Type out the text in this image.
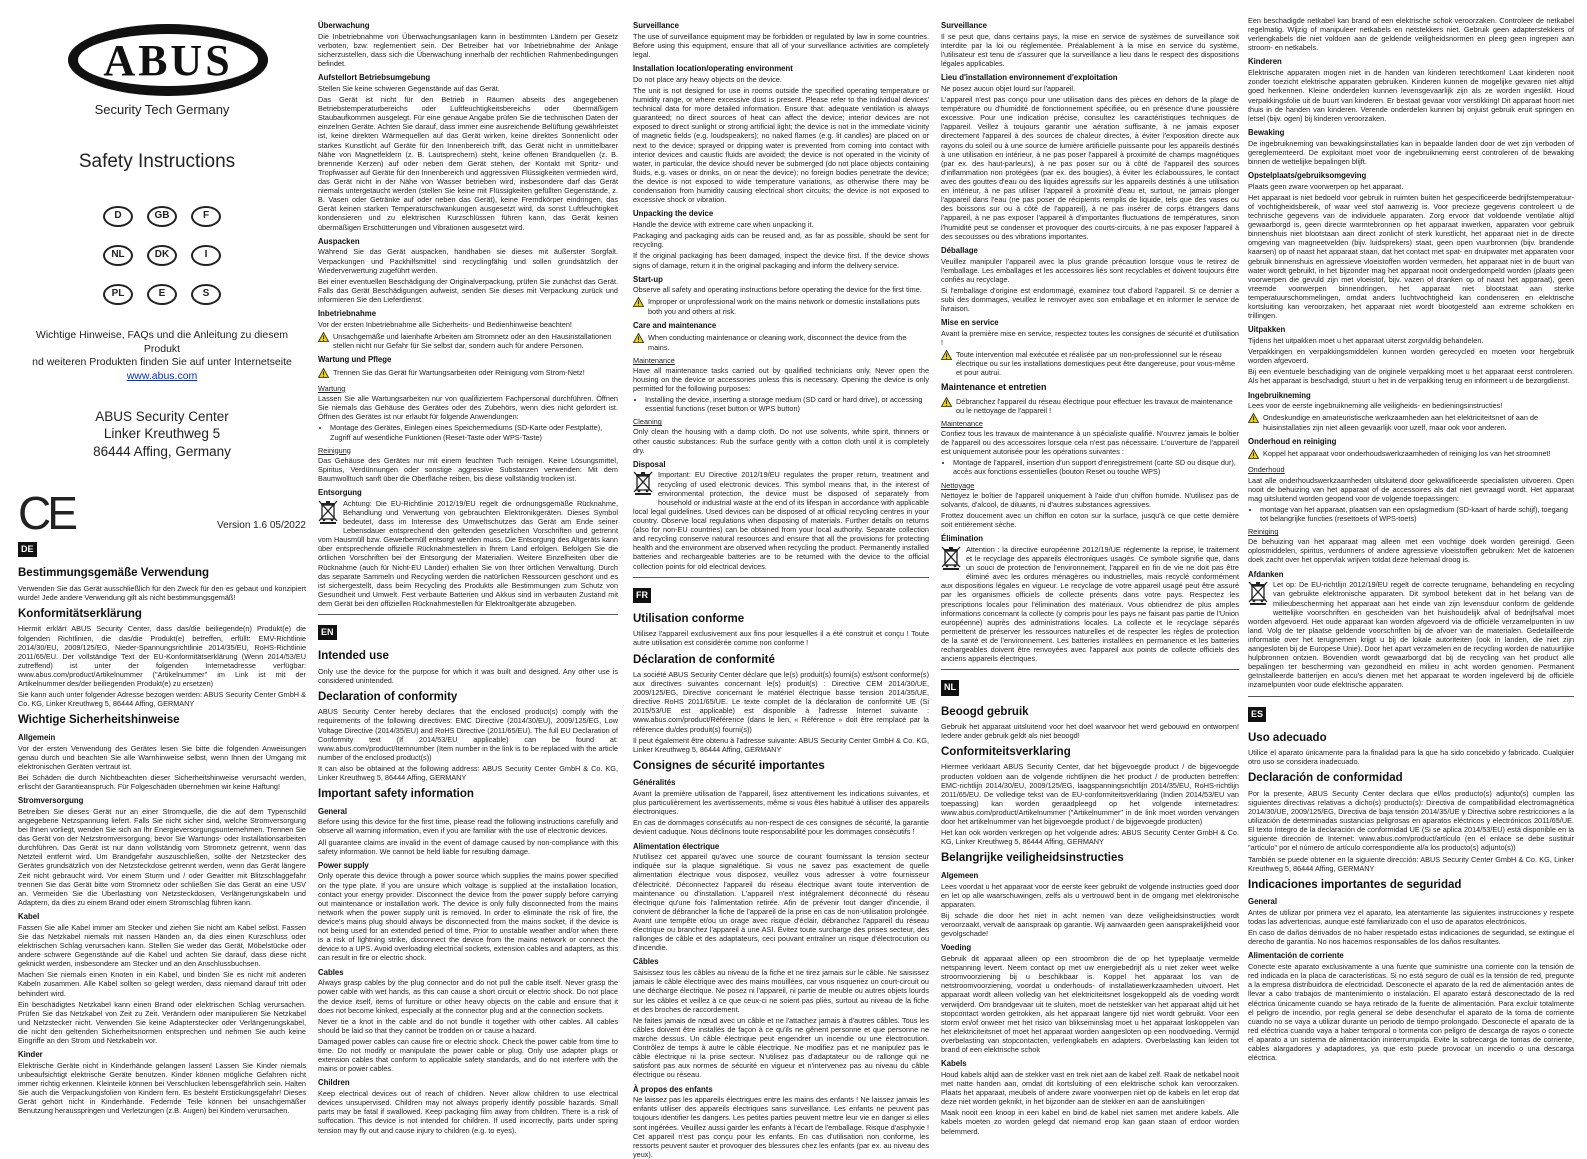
ABUS
Security Tech Germany
Safety Instructions
D	GB	F
NL	DK	I
PL	E	S
Wichtige Hinweise, FAQs und die Anleitung zu diesem Produkt
nd weiteren Produkten finden Sie auf unter Internetseite
www.abus.com
ABUS Security Center
Linker Kreuthweg 5
86444 Affing, Germany
CE	Version 1.6 05/2022
DE
Bestimmungsgemäße Verwendung

Verwenden Sie das Gerät ausschließlich für den Zweck für den es gebaut und konzipiert wurde! Jede andere Verwendung gilt als nicht bestimmungsgemäß!

Konformitätserklärung

Hiermit erklärt ABUS Security Center, dass das/die beiliegende(n) Produkt(e) die folgenden Richtlinien, die das/die Produkt(e) betreffen, erfüllt: EMV-Richtlinie 2014/30/EU, 2009/125/EG, Nieder-Spannungsrichtlinie 2014/35/EU, RoHS-Richtlinie 2011/65/EU. Der vollständige Text der EU-Konformitätserklärung (Wenn 2014/53/EU zutreffend) ist unter der folgenden Internetadresse verfügbar: www.abus.com/product/Artikelnummer ("Artikelnummer" im Link ist mit der Artikelnummer des/der beiliegenden Produkt(e) zu ersetzen)

Sie kann auch unter folgender Adresse bezogen werden: ABUS Security Center GmbH & Co. KG, Linker Kreuthweg 5, 86444 Affing, GERMANY

Wichtige Sicherheitshinweise
Allgemein

Vor der ersten Verwendung des Gerätes lesen Sie bitte die folgenden Anweisungen genau durch und beachten Sie alle Warnhinweise selbst, wenn Ihnen der Umgang mit elektronischen Geräten vertraut ist.

Bei Schäden die durch Nichtbeachten dieser Sicherheitshinweise verursacht werden, erlischt der Garantieanspruch. Für Folgeschäden übernehmen wir keine Haftung!

Stromversorgung

Betreiben Sie dieses Gerät nur an einer Stromquelle, die die auf dem Typenschild angegebene Netzspannung liefert. Falls Sie nicht sicher sind, welche Stromversorgung bei Ihnen vorliegt, wenden Sie sich an Ihr Energieversorgungsunternehmen. Trennen Sie das Gerät von der Netzstromversorgung, bevor Sie Wartungs- oder Installationsarbeiten durchführen. Das Gerät ist nur dann vollständig vom Stromnetz getrennt, wenn das Netzteil entfernt wird. Um Brandgefahr auszuschließen, sollte der Netzstecker des Gerätes grundsätzlich von der Netzsteckdose getrennt werden, wenn das Gerät längere Zeit nicht gebraucht wird. Vor einem Sturm und / oder Gewitter mit Blitzschlaggefahr trennen Sie das Gerät bitte vom Stromnetz oder schließen Sie das Gerät an eine USV an. Vermeiden Sie die Überlastung von Netzsteckdosen, Verlängerungskabeln und Adaptern, da dies zu einem Brand oder einem Stromschlag führen kann.

Kabel

Fassen Sie alle Kabel immer am Stecker und ziehen Sie nicht am Kabel selbst. Fassen Sie das Netzkabel niemals mit nassen Händen an, da dies einen Kurzschluss oder elektrischen Schlag verursachen kann. Stellen Sie weder das Gerät, Möbelstücke oder andere schwere Gegenstände auf die Kabel und achten Sie darauf, dass diese nicht geknickt werden, insbesondere am Stecker und an den Anschlussbuchsen.

Machen Sie niemals einen Knoten in ein Kabel, und binden Sie es nicht mit anderen Kabeln zusammen. Alle Kabel sollten so gelegt werden, dass niemand darauf tritt oder behindert wird.

Ein beschädigtes Netzkabel kann einen Brand oder elektrischen Schlag verursachen. Prüfen Sie das Netzkabel von Zeit zu Zeit. Verändern oder manipulieren Sie Netzkabel und Netzstecker nicht. Verwenden Sie keine Adapterstecker oder Verlängerungskabel, die nicht den geltenden Sicherheitsnormen entsprechen und nehmen Sie auch keine Eingriffe an den Strom und Netzkabeln vor.

Kinder

Elektrische Geräte nicht in Kinderhände gelangen lassen! Lassen Sie Kinder niemals unbeaufsichtigt elektrische Geräte benutzen. Kinder können mögliche Gefahren nicht immer richtig erkennen. Kleinteile können bei Verschlucken lebensgefährlich sein. Halten Sie auch die Verpackungsfolien von Kindern fern. Es besteht Erstickungsgefahr! Dieses Gerät gehört nicht in Kinderhände. Federnde Teile können bei unsachgemäßer Benutzung herausspringen und Verletzungen (z.B. Augen) bei Kindern verursachen.

Überwachung

Die Inbetriebnahme von Überwachungsanlagen kann in bestimmten Ländern per Gesetz verboten, bzw. reglementiert sein. Der Betreiber hat vor Inbetriebnahme der Anlage sicherzustellen, dass sich die Überwachung innerhalb der rechtlichen Rahmenbedingungen befindet.

Aufstellort Betriebsumgebung

Stellen Sie keine schweren Gegenstände auf das Gerät.

Das Gerät ist nicht für den Betrieb in Räumen abseits des angegebenen Betriebstemperaturbereichs oder Luftfeuchtigkeitsbereichs oder übermäßigem Staubaufkommen ausgelegt. Für eine genaue Angabe prüfen Sie die technischen Daten der einzelnen Geräte. Achten Sie darauf, dass immer eine ausreichende Belüftung gewährleistet ist, keine direkten Wärmequellen auf das Gerät wirken, keine direktes Sonnenlicht oder starkes Kunstlicht auf Geräte für den Innenbereich trifft, das Gerät nicht in unmittelbarer Nähe von Magnetfeldern (z. B. Lautsprechern) steht, keine offenen Brandquellen (z. B. brennende Kerzen) auf oder neben dem Gerät stehen, der Kontakt mit Spritz- und Tropfwasser auf Geräte für den Innenbereich und aggressiven Flüssigkeiten vermieden wird, das Gerät nicht in der Nähe von Wasser betrieben wird, insbesondere darf das Gerät niemals untergetaucht werden (stellen Sie keine mit Flüssigkeiten gefüllten Gegenstände, z. B. Vasen oder Getränke auf oder neben das Gerät), keine Fremdkörper eindringen, das Gerät keinen starken Temperaturschwankungen ausgesetzt wird, da sonst Luftfeuchtigkeit kondensieren und zu elektrischen Kurzschlüssen führen kann, das Gerät keinen übermäßigen Erschütterungen und Vibrationen ausgesetzt wird.

Auspacken

Während Sie das Gerät auspacken, handhaben sie dieses mit äußerster Sorgfalt. Verpackungen und Packhilfsmittel sind recyclingfähig und sollen grundsätzlich der Wiederverwertung zugeführt werden.

Bei einer eventuellen Beschädigung der Originalverpackung, prüfen Sie zunächst das Gerät. Falls das Gerät Beschädigungen aufweist, senden Sie dieses mit Verpackung zurück und informieren Sie den Lieferdienst.

Inbetriebnahme

Vor der ersten Inbetriebnahme alle Sicherheits- und Bedienhinweise beachten!

Unsachgemäße und laienhafte Arbeiten am Stromnetz oder an den Hausinstallationen stellen nicht nur Gefahr für Sie selbst dar, sondern auch für andere Personen.
Wartung und Pflege
Trennen Sie das Gerät für Wartungsarbeiten oder Reinigung vom Strom-Netz!
Wartung

Lassen Sie alle Wartungsarbeiten nur von qualifiziertem Fachpersonal durchführen. Öffnen Sie niemals das Gehäuse des Gerätes oder des Zubehörs, wenn dies nicht gefordert ist. Öffnen des Gerätes ist nur erlaubt für folgende Anwendungen:

• Montage des Gerätes, Einlegen eines Speichermediums (SD-Karte oder Festplatte), Zugriff auf wesentliche Funktionen (Reset-Taste oder WPS-Taste)
Reinigung

Das Gehäuse des Gerätes nur mit einem feuchten Tuch reinigen. Keine Lösungsmittel, Spiritus, Verdünnungen oder sonstige aggressive Substanzen verwenden: Mit dem Baumwolltuch sanft über die Oberfläche reiben, bis diese vollständig trocken ist.

Entsorgung

Achtung: Die EU-Richtlinie 2012/19/EU regelt die ordnungsgemäße Rücknahme, Behandlung und Verwertung von gebrauchten Elektronikgeräten. Dieses Symbol bedeutet, dass im Interesse des Umweltschutzes das Gerät am Ende seiner Lebensdauer entsprechend den geltenden gesetzlichen Vorschriften und getrennt vom Hausmüll bzw. Gewerbemüll entsorgt werden muss. Die Entsorgung des Altgeräts kann über entsprechende offizielle Rücknahmestellen in Ihrem Land erfolgen. Befolgen Sie die örtlichen Vorschriften bei der Entsorgung der Materialien. Weitere Einzelheiten über die Rücknahme (auch für Nicht-EU Länder) erhalten Sie von Ihrer örtlichen Verwaltung. Durch das separate Sammeln und Recycling werden die natürlichen Ressourcen geschont und es ist sichergestellt, dass beim Recycling des Produkts alle Bestimmungen zum Schutz von Gesundheit und Umwelt. Fest verbaute Batterien und Akkus sind im verbauten Zustand mit dem Gerät bei den offiziellen Rücknahmestellen für Elektroaltgeräte abzugeben.

EN
Intended use

Only use the device for the purpose for which it was built and designed. Any other use is considered unintended.

Declaration of conformity

ABUS Security Center hereby declares that the enclosed product(s) comply with the requirements of the following directives: EMC Directive (2014/30/EU), 2009/125/EG, Low Voltage Directive (2014/35/EU) and RoHS Directive (2011/65/EU). The full EU Declaration of Conformity text (If 2014/53/EU applicable) can be found at: www.abus.com/product/Itemnumber (Item number in the link is to be replaced with the article number of the enclosed product(s))

It can also be obtained at the following address: ABUS Security Center GmbH & Co. KG, Linker Kreuthweg 5, 86444 Affing, GERMANY

Important safety information
General

Before using this device for the first time, please read the following instructions carefully and observe all warning information, even if you are familiar with the use of electronic devices.

All guarantee claims are invalid in the event of damage caused by non-compliance with this safety information. We cannot be held liable for resulting damage.

Power supply

Only operate this device through a power source which supplies the mains power specified on the type plate. If you are unsure which voltage is supplied at the installation location, contact your energy provider. Disconnect the device from the power supply before carrying out maintenance or installation work. The device is only fully disconnected from the mains network when the power supply unit is removed. In order to eliminate the risk of fire, the device's mains plug should always be disconnected from the mains socket, if the device is not being used for an extended period of time. Prior to unstable weather and/or when there is a risk of lightning strike, disconnect the device from the mains network or connect the device to a UPS. Avoid overloading electrical sockets, extension cables and adapters, as this can result in fire or electric shock.

Cables

Always grasp cables by the plug connector and do not pull the cable itself. Never grasp the power cable with wet hands, as this can cause a short circuit or electric shock. Do not place the device itself, items of furniture or other heavy objects on the cable and ensure that it does not become kinked, especially at the connector plug and at the connection sockets.

Never tie a knot in the cable and do not bundle it together with other cables. All cables should be laid so that they cannot be trodden on or cause a hazard.

Damaged power cables can cause fire or electric shock. Check the power cable from time to time. Do not modify or manipulate the power cable or plug. Only use adapter plugs or extension cables that conform to applicable safety standards, and do not interfere with the mains or power cables.

Children

Keep electrical devices out of reach of children. Never allow children to use electrical devices unsupervised. Children may not always properly identify possible hazards. Small parts may be fatal if swallowed. Keep packaging film away from children. There is a risk of suffocation. This device is not intended for children. If used incorrectly, parts under spring tension may fly out and cause injury to children (e.g. to eyes).

Surveillance

The use of surveillance equipment may be forbidden or regulated by law in some countries. Before using this equipment, ensure that all of your surveillance activities are completely legal.

Installation location/operating environment

Do not place any heavy objects on the device.

The unit is not designed for use in rooms outside the specified operating temperature or humidity range, or where excessive dust is present. Please refer to the individual devices' technical data for more detailed information. Ensure that: adequate ventilation is always guaranteed; no direct sources of heat can affect the device; interior devices are not exposed to direct sunlight or strong artificial light; the device is not in the immediate vicinity of magnetic fields (e.g. loudspeakers); no naked flames (e.g. lit candles) are placed on or next to the device; sprayed or dripping water is prevented from coming into contact with interior devices and caustic fluids are avoided; the device is not operated in the vicinity of water, in particular, the device should never be submerged (do not place objects containing fluids, e.g. vases or drinks, on or near the device); no foreign bodies penetrate the device; the device is not exposed to wide temperature variations, as otherwise there may be condensation from humidity causing electrical short circuits; the device is not exposed to excessive shock or vibration.

Unpacking the device

Handle the device with extreme care when unpacking it.

Packaging and packaging aids can be reused and, as far as possible, should be sent for recycling.

If the original packaging has been damaged, inspect the device first. If the device shows signs of damage, return it in the original packaging and inform the delivery service.

Start-up

Observe all safety and operating instructions before operating the device for the first time.

Improper or unprofessional work on the mains network or domestic installations puts both you and others at risk.
Care and maintenance
When conducting maintenance or cleaning work, disconnect the device from the mains.
Maintenance

Have all maintenance tasks carried out by qualified technicians only. Never open the housing on the device or accessories unless this is necessary. Opening the device is only permitted for the following purposes:

• Installing the device, inserting a storage medium (SD card or hard drive), or accessing essential functions (reset button or WPS button)
Cleaning

Only clean the housing with a damp cloth. Do not use solvents, white spirit, thinners or other caustic substances: Rub the surface gently with a cotton cloth until it is completely dry.

Disposal

Important: EU Directive 2012/19/EU regulates the proper return, treatment and recycling of used electronic devices. This symbol means that, in the interest of environmental protection, the device must be disposed of separately from household or industrial waste at the end of its lifespan in accordance with applicable local legal guidelines. Used devices can be disposed of at official recycling centres in your country. Observe local regulations when disposing of materials. Further details on returns (also for non-EU countries) can be obtained from your local authority. Separate collection and recycling conserve natural resources and ensure that all the provisions for protecting health and the environment are observed when recycling the product. Permanently installed batteries and rechargeable batteries are to be returned with the device to the official collection points for old electrical devices.

FR
Utilisation conforme

Utilisez l'appareil exclusivement aux fins pour lesquelles il a été construit et conçu ! Toute autre utilisation est considérée comme non conforme !

Déclaration de conformité

La société ABUS Security Center déclare que le(s) produit(s) fourni(s) est/sont conforme(s) aux directives suivantes concernant le(s) produit(s) : Directive CEM 2014/30/UE, 2009/125/EG, Directive concernant le matériel électrique basse tension 2014/35/UE, directive RoHS 2011/65/UE. Le texte complet de la déclaration de conformité UE (Si 2015/53/UE est applicable) est disponible à l'adresse Internet suivante : www.abus.com/product/Référence (dans le lien, « Référence » doit être remplacé par la référence du/des produit(s) fourni(s))

Il peut également être obtenu à l'adresse suivante: ABUS Security Center GmbH & Co. KG, Linker Kreuthweg 5, 86444 Affing, GERMANY

Consignes de sécurité importantes
Généralités

Avant la première utilisation de l'appareil, lisez attentivement les indications suivantes, et plus particulièrement les avertissements, même si vous êtes habitué à utiliser des appareils électroniques.

En cas de dommages consécutifs au non-respect de ces consignes de sécurité, la garantie devient caduque. Nous déclinons toute responsabilité pour les dommages consécutifs !

Alimentation électrique

N'utilisez cet appareil qu'avec une source de courant fournissant la tension secteur indiquée sur la plaque signalétique. Si vous ne savez pas exactement de quelle alimentation électrique vous disposez, veuillez vous adresser à votre fournisseur d'électricité. Déconnectez l'appareil du réseau électrique avant toute intervention de maintenance ou d'installation. L'appareil n'est intégralement déconnecté du réseau électrique qu'une fois l'alimentation retirée. Afin de prévenir tout danger d'incendie, il convient de débrancher la fiche de l'appareil de la prise en cas de non-utilisation prolongée. Avant une tempête et/ou un orage avec risque d'éclair, débranchez l'appareil du réseau électrique ou branchez l'appareil à une ASI. Évitez toute surcharge des prises secteur, des rallonges de câble et des adaptateurs, ceci pouvant entraîner un risque d'électrocution ou d'incendie.

Câbles

Saisissez tous les câbles au niveau de la fiche et ne tirez jamais sur le câble. Ne saisissez jamais le câble électrique avec des mains mouillées, car vous risqueriez un court-circuit ou une décharge électrique. Ne posez ni l'appareil, ni partie de meuble ou autres objets lourds sur les câbles et veillez à ce que ceux-ci ne soient pas pliés, surtout au niveau de la fiche et des broches de raccordement.

Ne faites jamais de nœud avec un câble et ne l'attachez jamais à d'autres câbles. Tous les câbles doivent être installés de façon à ce qu'ils ne gênent personne et que personne ne marche dessus. Un câble électrique peut engendrer un incendie ou une électrocution. Contrôlez de temps à autre le câble électrique. Ne modifiez pas et ne manipulez pas le câble électrique ni la prise secteur. N'utilisez pas d'adaptateur ou de rallonge qui ne satisfont pas aux normes de sécurité en vigueur et n'intervenez pas au niveau du câble électrique ou réseau.

À propos des enfants

Ne laissez pas les appareils électriques entre les mains des enfants ! Ne laissez jamais les enfants utiliser des appareils électriques sans surveillance. Les enfants ne peuvent pas toujours identifier les dangers. Les petites parties peuvent mettre leur vie en danger si elles sont ingérées. Veuillez aussi garder les enfants à l'écart de l'emballage. Risque d'asphyxie ! Cet appareil n'est pas conçu pour les enfants. En cas d'utilisation non conforme, les ressorts peuvent sauter et provoquer des blessures chez les enfants (par ex. au niveau des yeux).

Surveillance

Il se peut que, dans certains pays, la mise en service de systèmes de surveillance soit interdite par la loi ou réglementée. Préalablement à la mise en service du système, l'utilisateur est tenu de s'assurer que la surveillance a lieu dans le respect des dispositions légales applicables.

Lieu d'installation environnement d'exploitation

Ne posez aucun objet lourd sur l'appareil.

L'appareil n'est pas conçu pour une utilisation dans des pièces en dehors de la plage de température ou d'humidité de fonctionnement spécifiée, ou en présence d'une poussière excessive. Pour une indication précise, consultez les caractéristiques techniques de l'appareil. Veillez à toujours garantir une aération suffisante, à ne jamais exposer directement l'appareil à des sources de chaleur directes, à éviter l'exposition directe aux rayons du soleil ou à une source de lumière artificielle puissante pour les appareils destinés à une utilisation en intérieur, à ne pas poser l'appareil à proximité de champs magnétiques (par ex. des haut-parleurs), à ne pas poser sur ou à côté de l'appareil des sources d'inflammation non protégées (par ex. des bougies), à éviter les éclaboussures, le contact avec des gouttes d'eau ou des liquides agressifs sur les appareils destinés à une utilisation en intérieur, à ne pas utiliser l'appareil à proximité d'eau et, surtout, ne jamais plonger l'appareil dans l'eau (ne pas poser de récipients remplis de liquide, tels que des vases ou des boissons sur ou à côté de l'appareil), à ne pas insérer de corps étrangers dans l'appareil, à ne pas exposer l'appareil à d'importantes fluctuations de températures, sinon l'humidité peut se condenser et provoquer des courts-circuits, à ne pas exposer l'appareil à des secousses ou des vibrations importantes.

Déballage

Veuillez manipuler l'appareil avec la plus grande précaution lorsque vous le retirez de l'emballage. Les emballages et les accessoires liés sont recyclables et doivent toujours être confiés au recyclage.

Si l'emballage d'origine est endommagé, examinez tout d'abord l'appareil. Si ce dernier a subi des dommages, veuillez le renvoyer avec son emballage et en informer le service de livraison.

Mise en service

Avant la première mise en service, respectez toutes les consignes de sécurité et d'utilisation !

Toute intervention mal exécutée et réalisée par un non-professionnel sur le réseau électrique ou sur les installations domestiques peut être dangereuse, pour vous-même et pour autrui.
Maintenance et entretien
Débranchez l'appareil du réseau électrique pour effectuer les travaux de maintenance ou le nettoyage de l'appareil !
Maintenance

Confiez tous les travaux de maintenance à un spécialiste qualifié. N'ouvrez jamais le boîtier de l'appareil ou des accessoires lorsque cela n'est pas nécessaire. L'ouverture de l'appareil est uniquement autorisée pour les opérations suivantes :

• Montage de l'appareil, insertion d'un support d'enregistrement (carte SD ou disque dur), accès aux fonctions essentielles (bouton Reset ou touche WPS)
Nettoyage

Nettoyez le boîtier de l'appareil uniquement à l'aide d'un chiffon humide. N'utilisez pas de solvants, d'alcool, de diluants, ni d'autres substances agressives.

Frottez doucement avec un chiffon en coton sur la surface, jusqu'à ce que cette dernière soit entièrement sèche.

Élimination

Attention : la directive européenne 2012/19/UE réglemente la reprise, le traitement et le recyclage des appareils électroniques usagés. Ce symbole signifie que, dans un souci de protection de l'environnement, l'appareil en fin de vie ne doit pas être éliminé avec les ordures ménagères ou industrielles, mais recyclé conformément aux dispositions légales en vigueur. Le recyclage de votre appareil usagé peut être assuré par les organismes officiels de collecte présents dans votre pays. Respectez les prescriptions locales pour l'élimination des matériaux. Vous obtiendrez de plus amples informations concernant la collecte (y compris pour les pays ne faisant pas partie de l'Union européenne) auprès des administrations locales. La collecte et le recyclage séparés permettent de préserver les ressources naturelles et de respecter les règles de protection de la santé et de l'environnement. Les batteries installées en permanence et les batteries rechargeables doivent être renvoyées avec l'appareil aux points de collecte officiels des anciens appareils électriques.

NL
Beoogd gebruik

Gebruik het apparaat uitsluitend voor het doel waarvoor het werd gebouwd en ontworpen! Iedere ander gebruik geldt als niet beoogd!

Conformiteitsverklaring

Hiermee verklaart ABUS Security Center, dat het bijgevoegde product / de bijgevoegde producten voldoen aan de volgende richtlijnen die het product / de producten betreffen: EMC-richtlijn 2014/30/EU, 2009/125/EG, laagspanningsrichtlijn 2014/35/EU, RoHS-richtlijn 2011/65/EU. De volledige tekst van de EU-conformiteitsverklaring (Indien 2014/53/EU van toepassing) kan worden geraadpleegd op het volgende internetadres: www.abus.com/product/Artikelnummer ("Artikelnummer" in de link moet worden vervangen door het artikelnummer van het bijgevoegde product / de bijgevoegde producten)

Het kan ook worden verkregen op het volgende adres: ABUS Security Center GmbH & Co. KG, Linker Kreuthweg 5, 86444 Affing, GERMANY

Belangrijke veiligheidsinstructies
Algemeen

Lees voordat u het apparaat voor de eerste keer gebruikt de volgende instructies goed door en let op alle waarschuwingen, zelfs als u vertrouwd bent in de omgang met elektronische apparaten.

Bij schade die door het niet in acht nemen van deze veiligheidsinstructies wordt veroorzaakt, vervalt de aanspraak op garantie. Wij aanvaarden geen aansprakelijkheid voor gevolgschade!

Voeding

Gebruik dit apparaat alleen op een stroombron die de op het typeplaatje vermelde netspanning levert. Neem contact op met uw energiebedrijf als u niet zeker weet welke stroomvoorziening bij u beschikbaar is. Koppel het apparaat los van de netstroomvoorziening, voordat u onderhouds- of installatiewerkzaamheden uitvoert. Het apparaat wordt alleen volledig van het elektriciteitsnet losgekoppeld als de voeding wordt verwijderd. Om brandgevaar uit te sluiten, moet de netstekker van het apparaat altijd uit het stopcontact worden getrokken, als het apparaat langere tijd niet wordt gebruikt. Voor een storm en/of onweer met het risico van blikseminslag moet u het apparaat loskoppelen van het elektriciteitsnet of moet het apparaat worden aangesloten op een noodvoeding. Vermijd overbelasting van stopcontacten, verlengkabels en adapters. Overbelasting kan leiden tot brand of een elektrische schok

Kabels

Houd kabels altijd aan de stekker vast en trek niet aan de kabel zelf. Raak de netkabel nooit met natte handen aan, omdat dit kortsluiting of een elektrische schok kan veroorzaken. Plaats het apparaat, meubels of andere zware voorwerpen niet op de kabels en let erop dat deze niet worden geknikt, in het bijzonder aan de stekker en aan de aansluitingen

Maak nooit een knoop in een kabel en bind de kabel niet samen met andere kabels. Alle kabels moeten zo worden gelegd dat niemand erop kan gaan staan of erdoor worden belemmerd.

Een beschadigde netkabel kan brand of een elektrische schok veroorzaken. Controleer de netkabel regelmatig. Wijzig of manipuleer netkabels en netstekkers niet. Gebruik geen adapterstekkers of verlengkabels die niet voldoen aan de geldende veiligheidsnormen en pleeg geen ingrepen aan stroom- en netkabels.

Kinderen

Elektrische apparaten mogen niet in de handen van kinderen terechtkomen! Laat kinderen nooit zonder toezicht elektrische apparaten gebruiken. Kinderen kunnen de mogelijke gevaren niet altijd goed herkennen. Kleine onderdelen kunnen levensgevaarlijk zijn als ze worden ingeslikt. Houd verpakkingsfolie uit de buurt van kinderen. Er bestaat gevaar voor verstikking! Dit apparaat hoort niet thuis in de handen van kinderen. Verende onderdelen kunnen bij onjuist gebruik eruit springen en letsel (bijv. ogen) bij kinderen veroorzaken.

Bewaking

De ingebruikneming van bewakingsinstallaties kan in bepaalde landen door de wet zijn verboden of gereglementeerd. De exploitant moet voor de ingebruikneming eerst controleren of de bewaking binnen de wettelijke bepalingen blijft.

Opstelplaats/gebruiksomgeving

Plaats geen zware voorwerpen op het apparaat.

Het apparaat is niet bedoeld voor gebruik in ruimten buiten het gespecificeerde bedrijfstemperatuur- of vochtigheidsbereik, of waar veel stof aanwezig is. Voor precieze gegevens controleert u de technische gegevens van de individuele apparaten. Zorg ervoor dat voldoende ventilatie altijd gewaarborgd is, geen directe warmtebronnen op het apparaat inwerken, apparaten voor gebruik binnenshuis niet blootstaan aan direct zonlicht of sterk kunstlicht, het apparaat niet in de directe omgeving van magneetvelden (bijv. luidsprekers) staat, geen open vuurbronnen (bijv. brandende kaarsen) op of naast het apparaat staan, dat het contact met spat- en druipwater met apparaten voor gebruik binnenshuis en agressieve vloeistoffen worden vermeden, het apparaat niet in de buurt van water wordt gebruikt, in het bijzonder mag het apparaat nooit ondergedompeld worden (plaats geen voorwerpen die gevuld zijn met vloeistof, bijv. vazen of dranken op of naast het apparaat), geen vreemde voorwerpen binnendringen, het apparaat niet blootstaat aan sterke temperatuurschommelingen, omdat anders luchtvochtigheid kan condenseren en elektrische kortsluiting kan veroorzaken, het apparaat niet wordt blootgesteld aan extreme schokken en trillingen.

Uitpakken

Tijdens het uitpakken moet u het apparaat uiterst zorgvuldig behandelen.

Verpakkingen en verpakkingsmiddelen kunnen worden gerecycled en moeten voor hergebruik worden afgevoerd.

Bij een eventuele beschadiging van de originele verpakking moet u het apparaat eerst controleren. Als het apparaat is beschadigd, stuurt u het in de verpakking terug en informeert u de bezorgdienst.

Ingebruikneming

Lees voor de eerste ingebruikneming alle veiligheids- en bedieningsinstructies!

Ondeskundige en amateuristische werkzaamheden aan het elektriciteitsnet of aan de huisinstallaties zijn niet alleen gevaarlijk voor uzelf, maar ook voor anderen.
Onderhoud en reiniging
Koppel het apparaat voor onderhoudswerkzaamheden of reiniging los van het stroomnet!
Onderhoud

Laat alle onderhoudswerkzaamheden uitsluitend door gekwalificeerde specialisten uitvoeren. Open nooit de behuizing van het apparaat of de accessoires als dat niet gevraagd wordt. Het apparaat mag uitsluitend worden geopend voor de volgende toepassingen:

• montage van het apparaat, plaatsen van een opslagmedium (SD-kaart of harde schijf), toegang tot belangrijke functies (resettoets of WPS-toets)
Reiniging

De behuizing van het apparaat mag alleen met een vochtige doek worden gereinigd. Geen oplosmiddelen, spiritus, verdunners of andere agressieve vloeistoffen gebruiken: Met de katoenen doek zacht over het oppervlak wrijven totdat deze helemaal droog is.

Afdanken

Let op: De EU-richtlijn 2012/19/EU regelt de correcte terugname, behandeling en recycling van gebruikte elektronische apparaten. Dit symbool betekent dat in het belang van de milieubescherming het apparaat aan het einde van zijn levensduur conform de geldende wettelijke voorschriften en gescheiden van het huishoudelijk afval of bedrijfsafval moet worden afgevoerd. Het oude apparaat kan worden afgevoerd via de officiële verzamelpunten in uw land. Volg de ter plaatse geldende voorschriften bij de afvoer van de materialen. Gedetailleerde informatie over het terugnemen krijgt u bij de lokale autoriteiten (ook in landen, die niet zijn aangesloten bij de Europese Unie). Door het apart verzamelen en de recycling worden de natuurlijke hulpbronnen ontzien. Bovendien wordt gewaarborgd dat bij de recycling van het product alle bepalingen ter bescherming van gezondheid en milieu in acht worden genomen. Permanent geïnstalleerde batterijen en accu's dienen met het apparaat te worden ingeleverd bij de officiële inzamelpunten voor oude elektrische apparaten.

ES
Uso adecuado

Utilice el aparato únicamente para la finalidad para la que ha sido concebido y fabricado. Cualquier otro uso se considera inadecuado.

Declaración de conformidad

Por la presente, ABUS Security Center declara que el/los producto(s) adjunto(s) cumplen las siguientes directivas relativas a dicho(s) producto(s): Directiva de compatibilidad electromagnética 2014/30/UE, 2009/125/EG, Directiva de baja tensión 2014/35/UE y Directiva sobre restricciones a la utilización de determinadas sustancias peligrosas en aparatos eléctricos y electrónicos 2011/65/UE. El texto íntegro de la declaración de conformidad UE (Si se aplica 2014/53/EU) está disponible en la siguiente dirección de Internet: www.abus.com/product/artículo (en el enlace se debe sustituir "artículo" por el número de artículo correspondiente al/a los producto(s) adjunto(s))

También se puede obtener en la siguiente dirección: ABUS Security Center GmbH & Co. KG, Linker Kreuthweg 5, 86444 Affing, GERMANY

Indicaciones importantes de seguridad
General

Antes de utilizar por primera vez el aparato, lea atentamente las siguientes instrucciones y respete todas las advertencias, aunque esté familiarizado con el uso de aparatos electrónicos.

En caso de daños derivados de no haber respetado estas indicaciones de seguridad, se extingue el derecho de garantía. No nos hacemos responsables de los daños resultantes.

Alimentación de corriente

Conecte este aparato exclusivamente a una fuente que suministre una corriente con la tensión de red indicada en la placa de características. Si no está seguro de cuál es la tensión de red, pregunte a la empresa distribuidora de electricidad. Desconecte el aparato de la red de alimentación antes de llevar a cabo trabajos de mantenimiento o instalación. El aparato estará desconectado de la red eléctrica únicamente cuando se haya retirado de la fuente de alimentación. Para excluir totalmente el peligro de incendio, por regla general se debe desenchufar el aparato de la toma de corriente cuando no se vaya a utilizar durante un periodo de tiempo prolongado. Desconecte el aparato de la red eléctrica cuando vaya a haber temporal o tormenta con peligro de descarga de rayos o conecte el aparato a un sistema de alimentación ininterrumpida. Evite la sobrecarga de tomas de corriente, cables alargadores y adaptadores, ya que esto puede provocar un incendio o una descarga eléctrica.
